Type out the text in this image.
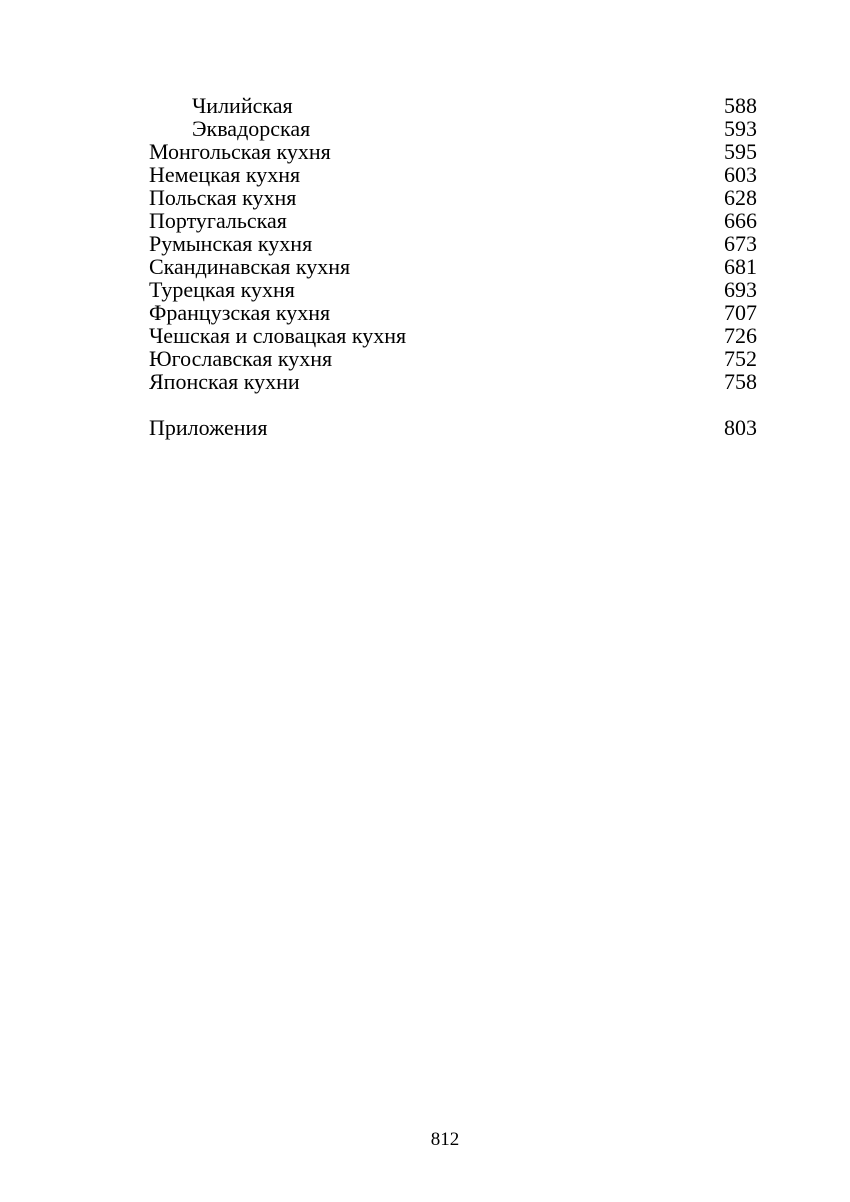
Чилийская	588
Эквадорская	593
Монгольская кухня	595
Немецкая кухня	603
Польская кухня	628
Португальская	666
Румынская кухня	673
Скандинавская кухня	681
Турецкая кухня	693
Французская кухня	707
Чешская и словацкая кухня	726
Югославская кухня	752
Японская кухни	758
Приложения	803
812
